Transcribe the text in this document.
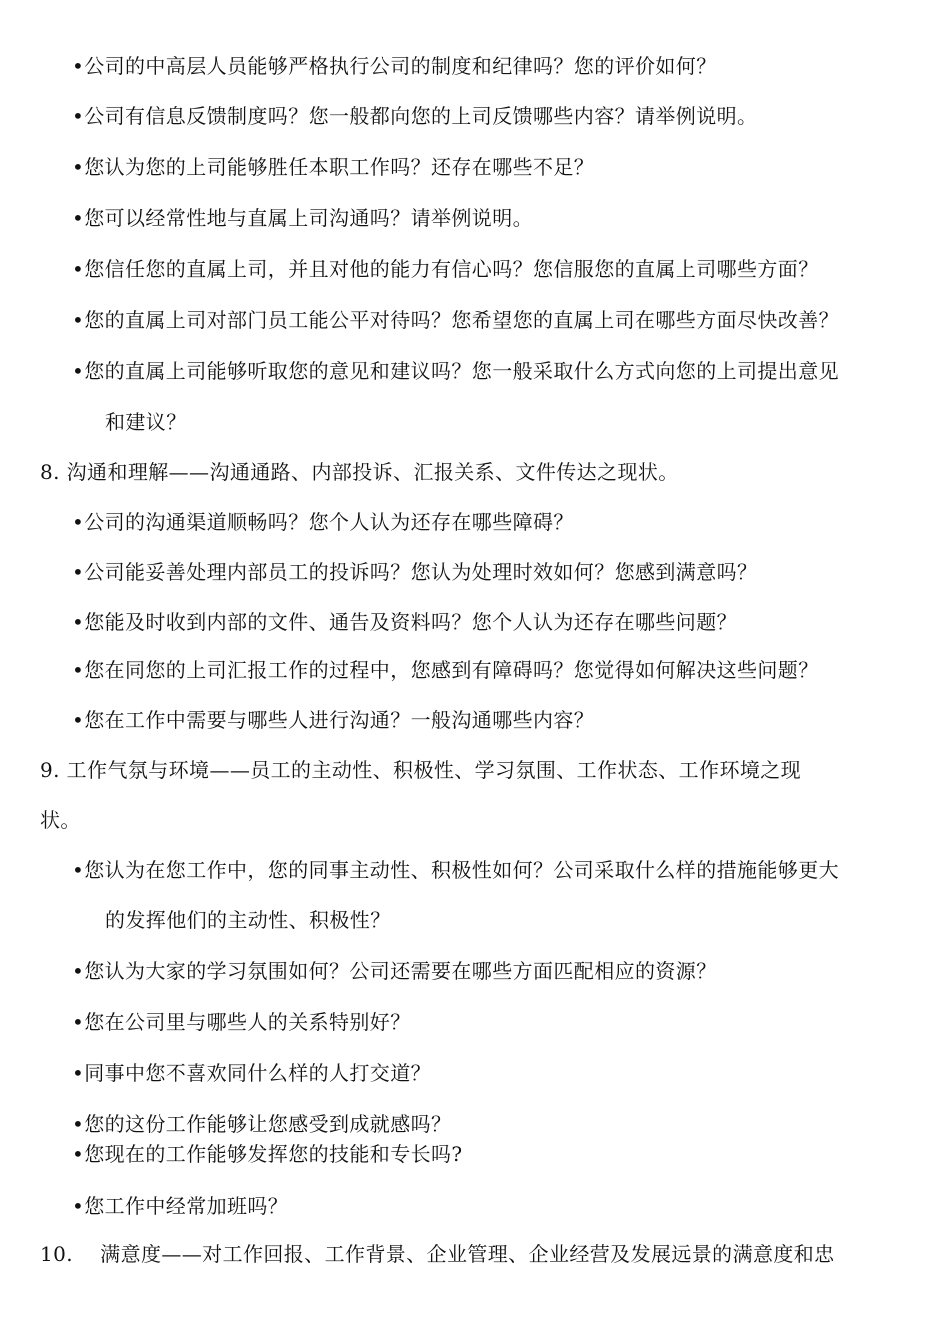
•公司的中高层人员能够严格执行公司的制度和纪律吗？您的评价如何？
•公司有信息反馈制度吗？您一般都向您的上司反馈哪些内容？请举例说明。
•您认为您的上司能够胜任本职工作吗？还存在哪些不足？
•您可以经常性地与直属上司沟通吗？请举例说明。
•您信任您的直属上司，并且对他的能力有信心吗？您信服您的直属上司哪些方面？
•您的直属上司对部门员工能公平对待吗？您希望您的直属上司在哪些方面尽快改善？
•您的直属上司能够听取您的意见和建议吗？您一般采取什么方式向您的上司提出意见
和建议？
8. 沟通和理解——沟通通路、内部投诉、汇报关系、文件传达之现状。
•公司的沟通渠道顺畅吗？您个人认为还存在哪些障碍？
•公司能妥善处理内部员工的投诉吗？您认为处理时效如何？您感到满意吗？
•您能及时收到内部的文件、通告及资料吗？您个人认为还存在哪些问题？
•您在同您的上司汇报工作的过程中，您感到有障碍吗？您觉得如何解决这些问题？
•您在工作中需要与哪些人进行沟通？一般沟通哪些内容？
9. 工作气氛与环境——员工的主动性、积极性、学习氛围、工作状态、工作环境之现
状。
•您认为在您工作中，您的同事主动性、积极性如何？公司采取什么样的措施能够更大
的发挥他们的主动性、积极性？
•您认为大家的学习氛围如何？公司还需要在哪些方面匹配相应的资源？
•您在公司里与哪些人的关系特别好？
•同事中您不喜欢同什么样的人打交道？
•您的这份工作能够让您感受到成就感吗？
•您现在的工作能够发挥您的技能和专长吗?
•您工作中经常加班吗？
10.　 满意度——对工作回报、工作背景、企业管理、企业经营及发展远景的满意度和忠
